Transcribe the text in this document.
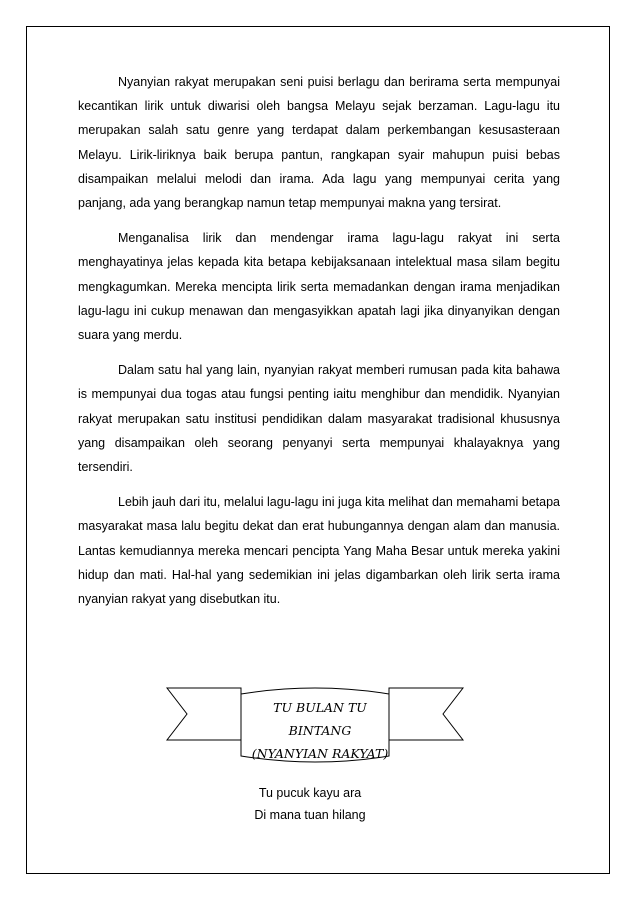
Nyanyian rakyat merupakan seni puisi berlagu dan berirama serta mempunyai kecantikan lirik untuk diwarisi oleh bangsa Melayu sejak berzaman. Lagu-lagu itu merupakan salah satu genre yang terdapat dalam perkembangan kesusasteraan Melayu. Lirik-liriknya baik berupa pantun, rangkapan syair mahupun puisi bebas disampaikan melalui melodi dan irama. Ada lagu yang mempunyai cerita yang panjang, ada yang berangkap namun tetap mempunyai makna yang tersirat.

Menganalisa lirik dan mendengar irama lagu-lagu rakyat ini serta menghayatinya jelas kepada kita betapa kebijaksanaan intelektual masa silam begitu mengkagumkan. Mereka mencipta lirik serta memadankan dengan irama menjadikan lagu-lagu ini cukup menawan dan mengasyikkan apatah lagi jika dinyanyikan dengan suara yang merdu.

Dalam satu hal yang lain, nyanyian rakyat memberi rumusan pada kita bahawa is mempunyai dua togas atau fungsi penting iaitu menghibur dan mendidik. Nyanyian rakyat merupakan satu institusi pendidikan dalam masyarakat tradisional khususnya yang disampaikan oleh seorang penyanyi serta mempunyai khalayaknya yang tersendiri.

Lebih jauh dari itu, melalui lagu-lagu ini juga kita melihat dan memahami betapa masyarakat masa lalu begitu dekat dan erat hubungannya dengan alam dan manusia. Lantas kemudiannya mereka mencari pencipta Yang Maha Besar untuk mereka yakini hidup dan mati. Hal-hal yang sedemikian ini jelas digambarkan oleh lirik serta irama nyanyian rakyat yang disebutkan itu.

TU BULAN TU
BINTANG
(NYANYIAN RAKYAT)
Tu pucuk kayu ara
Di mana tuan hilang
